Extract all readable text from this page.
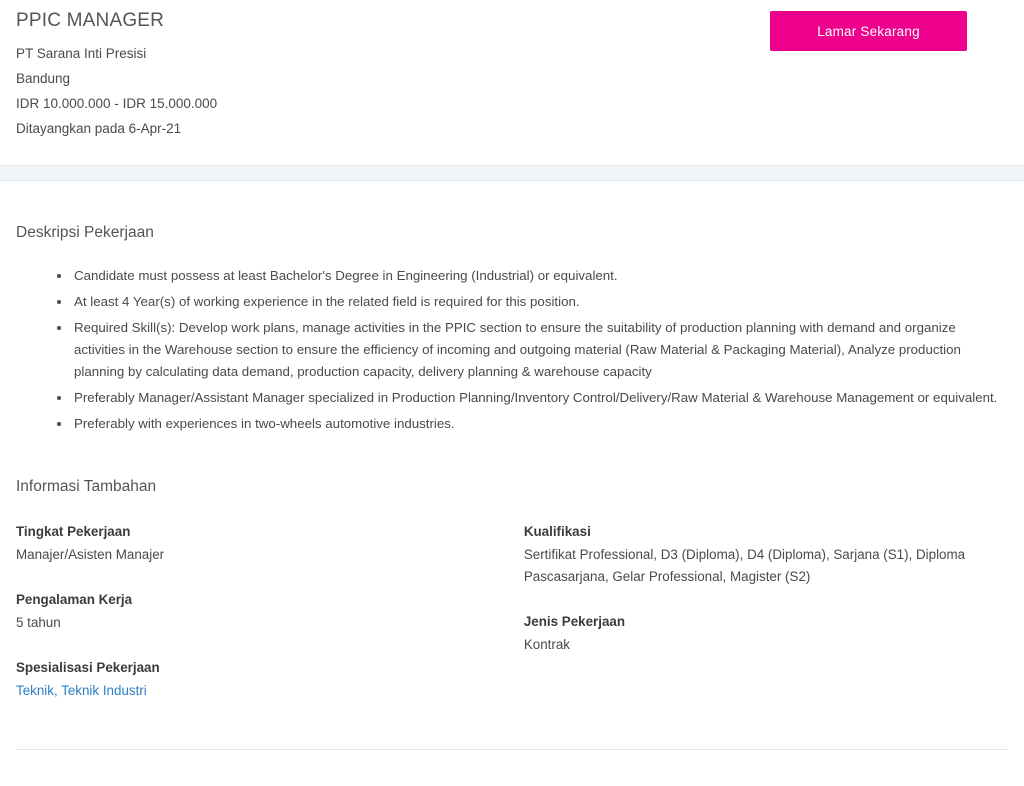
PPIC MANAGER

PT Sarana Inti Presisi

Bandung

IDR 10.000.000 - IDR 15.000.000

Ditayangkan pada 6-Apr-21

Lamar Sekarang
Deskripsi Pekerjaan
• Candidate must possess at least Bachelor's Degree in Engineering (Industrial) or equivalent.
• At least 4 Year(s) of working experience in the related field is required for this position.
• Required Skill(s): Develop work plans, manage activities in the PPIC section to ensure the suitability of production planning with demand and organize activities in the Warehouse section to ensure the efficiency of incoming and outgoing material (Raw Material & Packaging Material), Analyze production planning by calculating data demand, production capacity, delivery planning & warehouse capacity
• Preferably Manager/Assistant Manager specialized in Production Planning/Inventory Control/Delivery/Raw Material & Warehouse Management or equivalent.
• Preferably with experiences in two-wheels automotive industries.
Informasi Tambahan
Tingkat Pekerjaan
Manajer/Asisten Manajer
Pengalaman Kerja
5 tahun
Spesialisasi Pekerjaan
Teknik, Teknik Industri
Kualifikasi
Sertifikat Professional, D3 (Diploma), D4 (Diploma), Sarjana (S1), Diploma Pascasarjana, Gelar Professional, Magister (S2)
Jenis Pekerjaan
Kontrak
